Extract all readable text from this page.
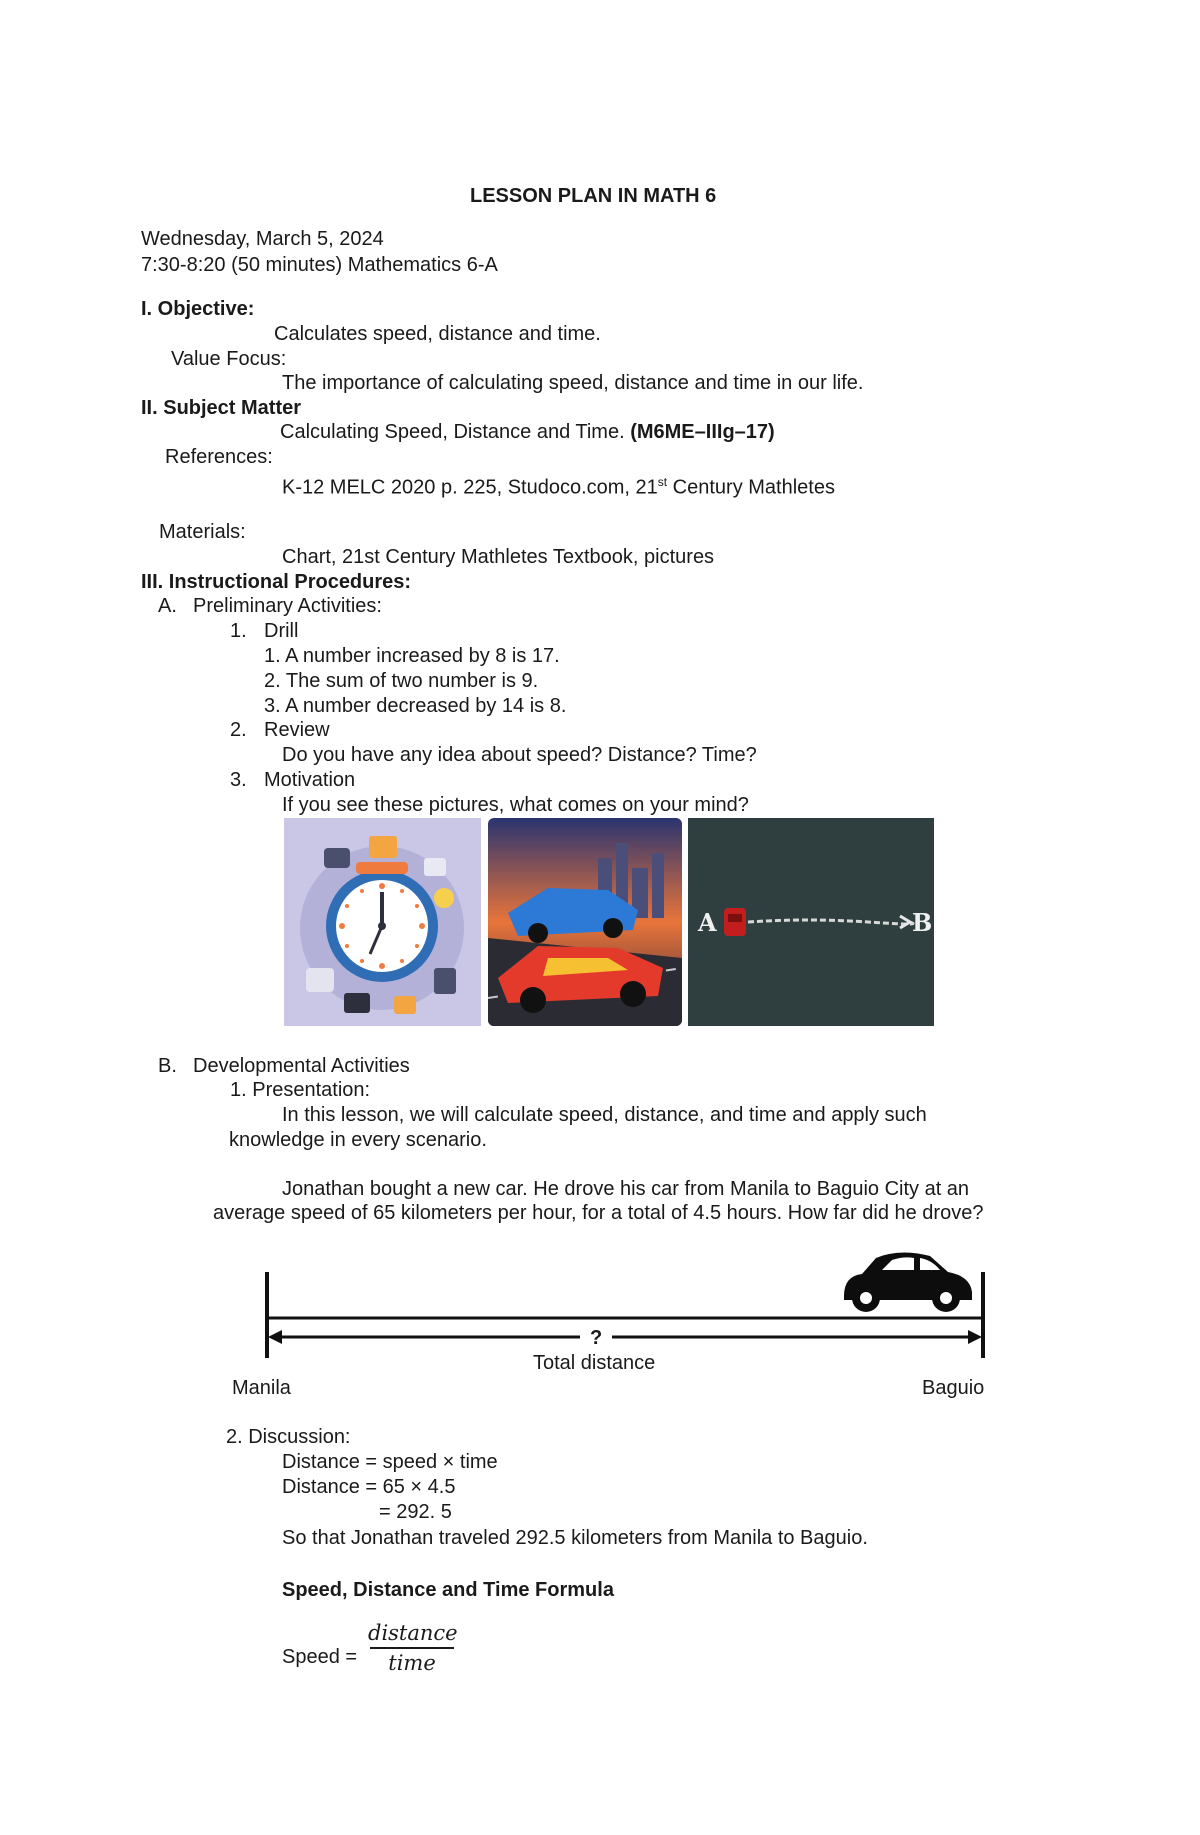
LESSON PLAN IN MATH 6
Wednesday, March 5, 2024
7:30-8:20 (50 minutes) Mathematics 6-A
I. Objective:
Calculates speed, distance and time.
Value Focus:
The importance of calculating speed, distance and time in our life.
II. Subject Matter
Calculating Speed, Distance and Time. (M6ME–IIIg–17)
References:
K-12 MELC 2020 p. 225, Studoco.com, 21st Century Mathletes
Materials:
Chart, 21st Century Mathletes Textbook, pictures
III. Instructional Procedures:
A. Preliminary Activities:
1. Drill
1. A number increased by 8 is 17.
2. The sum of two number is 9.
3. A number decreased by 14 is 8.
2. Review
Do you have any idea about speed? Distance? Time?
3. Motivation
If you see these pictures, what comes on your mind?
A	B
B. Developmental Activities
1. Presentation:
In this lesson, we will calculate speed, distance, and time and apply such
knowledge in every scenario.
Jonathan bought a new car. He drove his car from Manila to Baguio City at an
average speed of 65 kilometers per hour, for a total of 4.5 hours. How far did he drove?
?
Total distance
Manila	Baguio
2. Discussion:
Distance = speed × time
Distance = 65 × 4.5
= 292. 5
So that Jonathan traveled 292.5 kilometers from Manila to Baguio.
Speed, Distance and Time Formula
Speed =
distance
time
